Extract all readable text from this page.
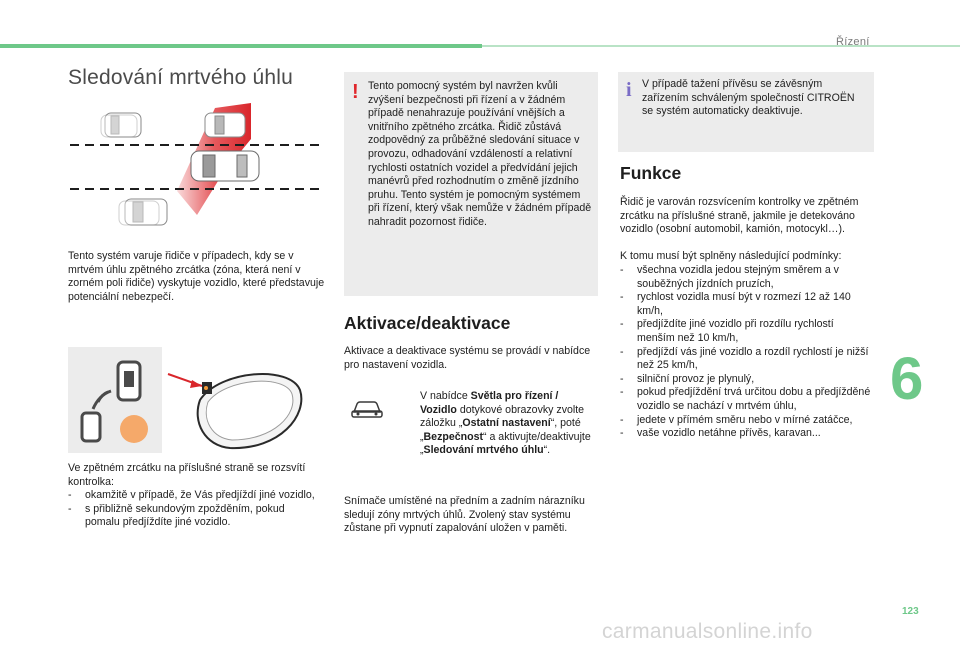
Řízení
Sledování mrtvého úhlu

Tento systém varuje řidiče v případech, kdy se v mrtvém úhlu zpětného zrcátka (zóna, která není v zorném poli řidiče) vyskytuje vozidlo, které představuje potenciální nebezpečí.

Ve zpětném zrcátku na příslušné straně se rozsvítí kontrolka:

- okamžitě v případě, že Vás předjíždí jiné vozidlo,
- s přibližně sekundovým zpožděním, pokud pomalu předjíždíte jiné vozidlo.
! Tento pomocný systém byl navržen kvůli zvýšení bezpečnosti při řízení a v žádném případě nenahrazuje používání vnějších a vnitřního zpětného zrcátka. Řidič zůstává zodpovědný za průběžné sledování situace v provozu, odhadování vzdáleností a relativní rychlosti ostatních vozidel a předvídání jejich manévrů před rozhodnutím o změně jízdního pruhu. Tento systém je pomocným systémem při řízení, který však nemůže v žádném případě nahradit pozornost řidiče.

Aktivace/deaktivace

Aktivace a deaktivace systému se provádí v nabídce pro nastavení vozidla.

V nabídce Světla pro řízení / Vozidlo dotykové obrazovky zvolte záložku „Ostatní nastavení“, poté „Bezpečnost“ a aktivujte/deaktivujte „Sledování mrtvého úhlu“.

Snímače umístěné na předním a zadním nárazníku sledují zóny mrtvých úhlů. Zvolený stav systému zůstane při vypnutí zapalování uložen v paměti.

i V případě tažení přívěsu se závěsným zařízením schváleným společností CITROËN se systém automaticky deaktivuje.

Funkce

Řidič je varován rozsvícením kontrolky ve zpětném zrcátku na příslušné straně, jakmile je detekováno vozidlo (osobní automobil, kamión, motocykl…).

K tomu musí být splněny následující podmínky:

- všechna vozidla jedou stejným směrem a v souběžných jízdních pruzích,
- rychlost vozidla musí být v rozmezí 12 až 140 km/h,
- předjíždíte jiné vozidlo při rozdílu rychlostí menším než 10 km/h,
- předjíždí vás jiné vozidlo a rozdíl rychlostí je nižší než 25 km/h,
- silniční provoz je plynulý,
- pokud předjíždění trvá určitou dobu a předjížděné vozidlo se nachází v mrtvém úhlu,
- jedete v přímém směru nebo v mírné zatáčce,
- vaše vozidlo netáhne přívěs, karavan...
6
123
carmanualsonline.info
